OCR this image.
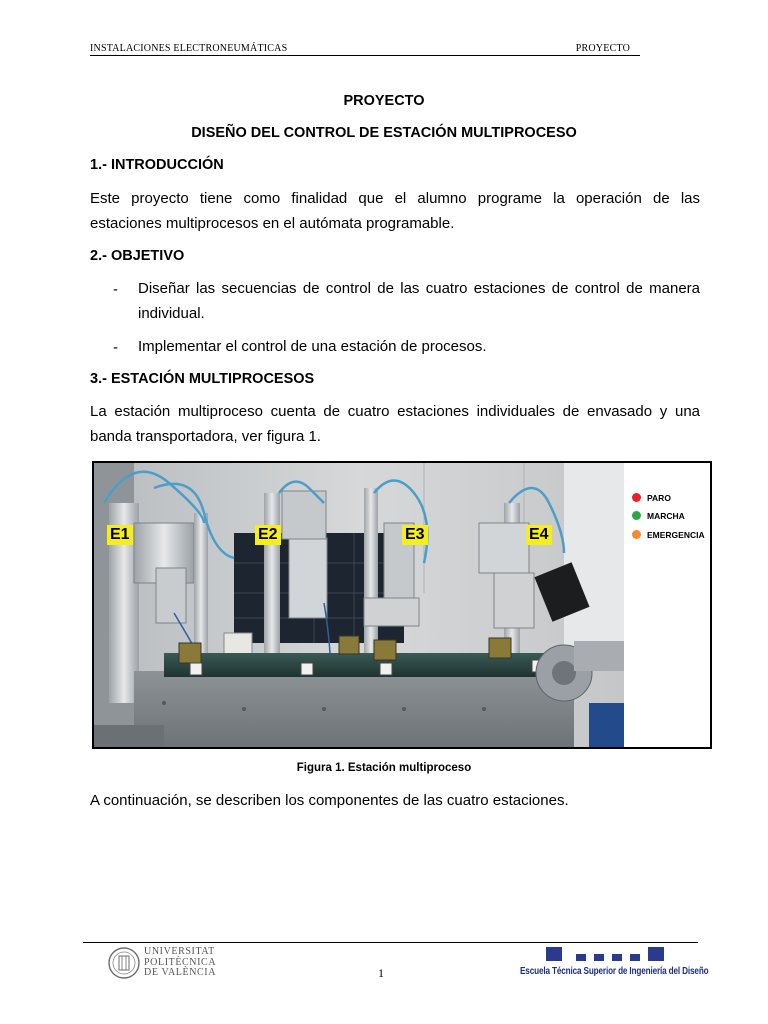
INSTALACIONES ELECTRONEUMÁTICAS	PROYECTO
PROYECTO
DISEÑO DEL CONTROL DE ESTACIÓN MULTIPROCESO
1.- INTRODUCCIÓN

Este proyecto tiene como finalidad que el alumno programe la operación de las

estaciones multiprocesos en el autómata programable.

2.- OBJETIVO
- Diseñar las secuencias de control de las cuatro estaciones de control de manera

individual.

- Implementar el control de una estación de procesos.

3.- ESTACIÓN MULTIPROCESOS

La estación multiproceso cuenta de cuatro estaciones individuales de envasado y una

banda transportadora, ver figura 1.

E1	E2	E3	E4
PARO
MARCHA
EMERGENCIA
Figura 1. Estación multiproceso

A continuación, se describen los componentes de las cuatro estaciones.

UNIVERSITAT
POLITÈCNICA
DE VALÈNCIA	1	Escuela Técnica Superior de Ingeniería del Diseño
